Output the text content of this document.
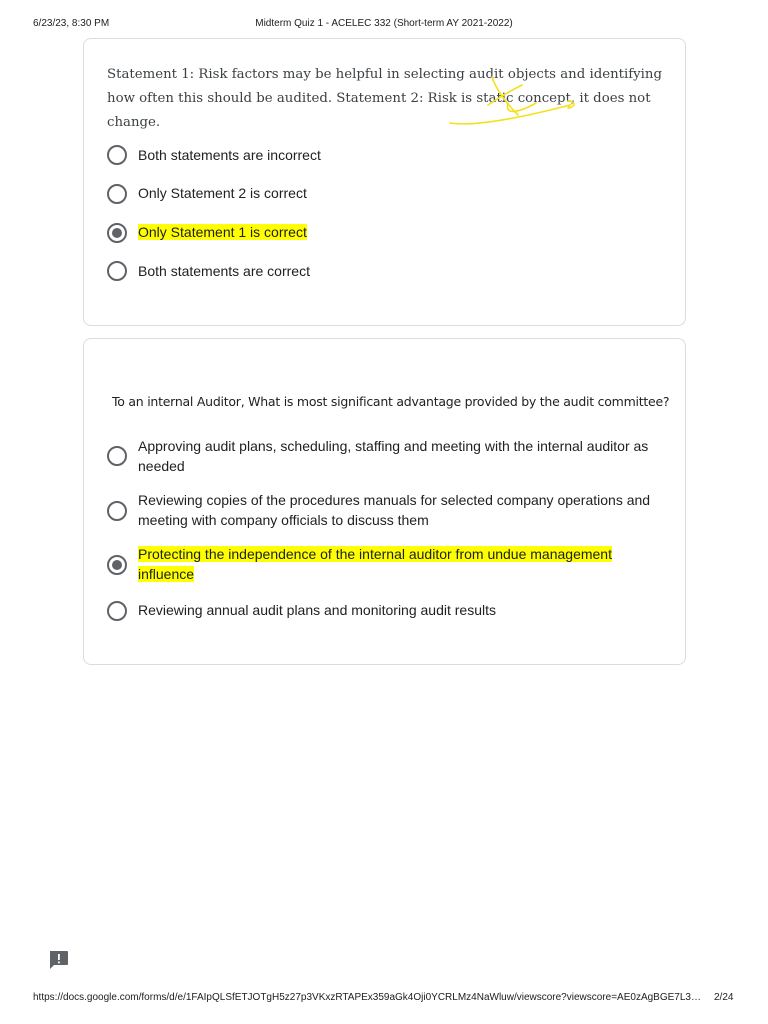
6/23/23, 8:30 PM	Midterm Quiz 1 - ACELEC 332 (Short-term AY 2021-2022)
Statement 1: Risk factors may be helpful in selecting audit objects and identifying how often this should be audited. Statement 2: Risk is static concept, it does not change.
Both statements are incorrect
Only Statement 2 is correct
Only Statement 1 is correct
Both statements are correct
To an internal Auditor, What is most significant advantage provided by the audit committee?
Approving audit plans, scheduling, staffing and meeting with the internal auditor as needed
Reviewing copies of the procedures manuals for selected company operations and meeting with company officials to discuss them
Protecting the independence of the internal auditor from undue management influence
Reviewing annual audit plans and monitoring audit results
https://docs.google.com/forms/d/e/1FAIpQLSfETJOTgH5z27p3VKxzRTAPEx359aGk4Oji0YCRLMz4NaWluw/viewscore?viewscore=AE0zAgBGE7L3…	2/24
